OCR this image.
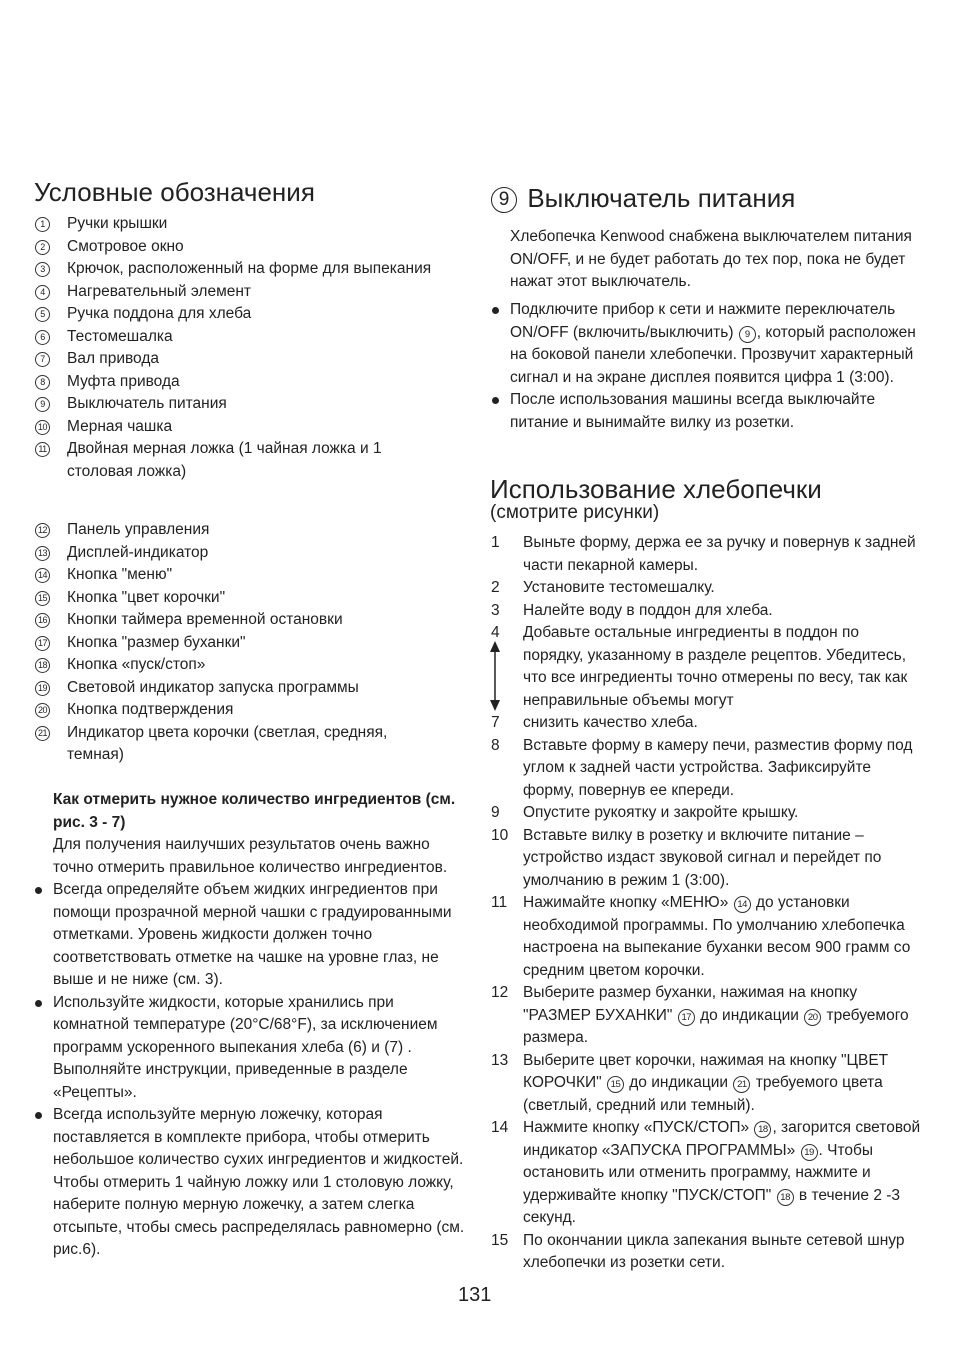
Условные обозначения
1	Ручки крышки
2	Смотровое окно
3	Крючок, расположенный на форме для выпекания
4	Нагревательный элемент
5	Ручка поддона для хлеба
6	Тестомешалка
7	Вал привода
8	Муфта привода
9	Выключатель питания
10 Мерная чашка
11 Двойная мерная ложка (1 чайная ложка и 1 столовая ложка)
12 Панель управления
13 Дисплей-индикатор
14 Кнопка "меню"
15 Кнопка "цвет корочки"
16 Кнопки таймера временной остановки
17 Кнопка "размер буханки"
18 Кнопка «пуск/стоп»
19 Световой индикатор запуска программы
20 Кнопка подтверждения
21 Индикатор цвета корочки (светлая, средняя, темная)
Как отмерить нужное количество ингредиентов (см. рис. 3 - 7)
Для получения наилучших результатов очень важно точно отмерить правильное количество ингредиентов.
Всегда определяйте объем жидких ингредиентов при помощи прозрачной мерной чашки с градуированными отметками. Уровень жидкости должен точно соответствовать отметке на чашке на уровне глаз, не выше и не ниже (см. 3).
Используйте жидкости, которые хранились при комнатной температуре (20°C/68°F), за исключением программ ускоренного выпекания хлеба (6) и (7) . Выполняйте инструкции, приведенные в разделе «Рецепты».
Всегда используйте мерную ложечку, которая поставляется в комплекте прибора, чтобы отмерить небольшое количество сухих ингредиентов и жидкостей. Чтобы отмерить 1 чайную ложку или 1 столовую ложку, наберите полную мерную ложечку, а затем слегка отсыпьте, чтобы смесь распределялась равномерно (см. рис.6).
9 Выключатель питания
Хлебопечка Kenwood снабжена выключателем питания ON/OFF, и не будет работать до тех пор, пока не будет нажат этот выключатель.
Подключите прибор к сети и нажмите переключатель ON/OFF (включить/выключить) 9 , который расположен на боковой панели хлебопечки. Прозвучит характерный сигнал и на экране дисплея появится цифра 1 (3:00).
После использования машины всегда выключайте питание и вынимайте вилку из розетки.
Использование хлебопечки
(смотрите рисунки)
1 Выньте форму, держа ее за ручку и повернув к задней части пекарной камеры.
2 Установите тестомешалку.
3 Налейте воду в поддон для хлеба.
4 Добавьте остальные ингредиенты в поддон по порядку, указанному в разделе рецептов. Убедитесь, что все ингредиенты точно отмерены по весу, так как неправильные объемы могут
7 снизить качество хлеба.
8 Вставьте форму в камеру печи, разместив форму под углом к задней части устройства. Зафиксируйте форму, повернув ее кпереди.
9 Опустите рукоятку и закройте крышку.
10 Вставьте вилку в розетку и включите питание – устройство издаст звуковой сигнал и перейдет по умолчанию в режим 1 (3:00).
11 Нажимайте кнопку «МЕНЮ» 14 до установки необходимой программы. По умолчанию хлебопечка настроена на выпекание буханки весом 900 грамм со средним цветом корочки.
12 Выберите размер буханки, нажимая на кнопку "РАЗМЕР БУХАНКИ" 17 до индикации 20 требуемого размера.
13 Выберите цвет корочки, нажимая на кнопку "ЦВЕТ КОРОЧКИ" 15 до индикации 21 требуемого цвета (светлый, средний или темный).
14 Нажмите кнопку «ПУСК/СТОП» 18 , загорится световой индикатор «ЗАПУСКА ПРОГРАММЫ» 19 . Чтобы остановить или отменить программу, нажмите и удерживайте кнопку "ПУСК/СТОП" 18 в течение 2 -3 секунд.
15 По окончании цикла запекания выньте сетевой шнур хлебопечки из розетки сети.
131
